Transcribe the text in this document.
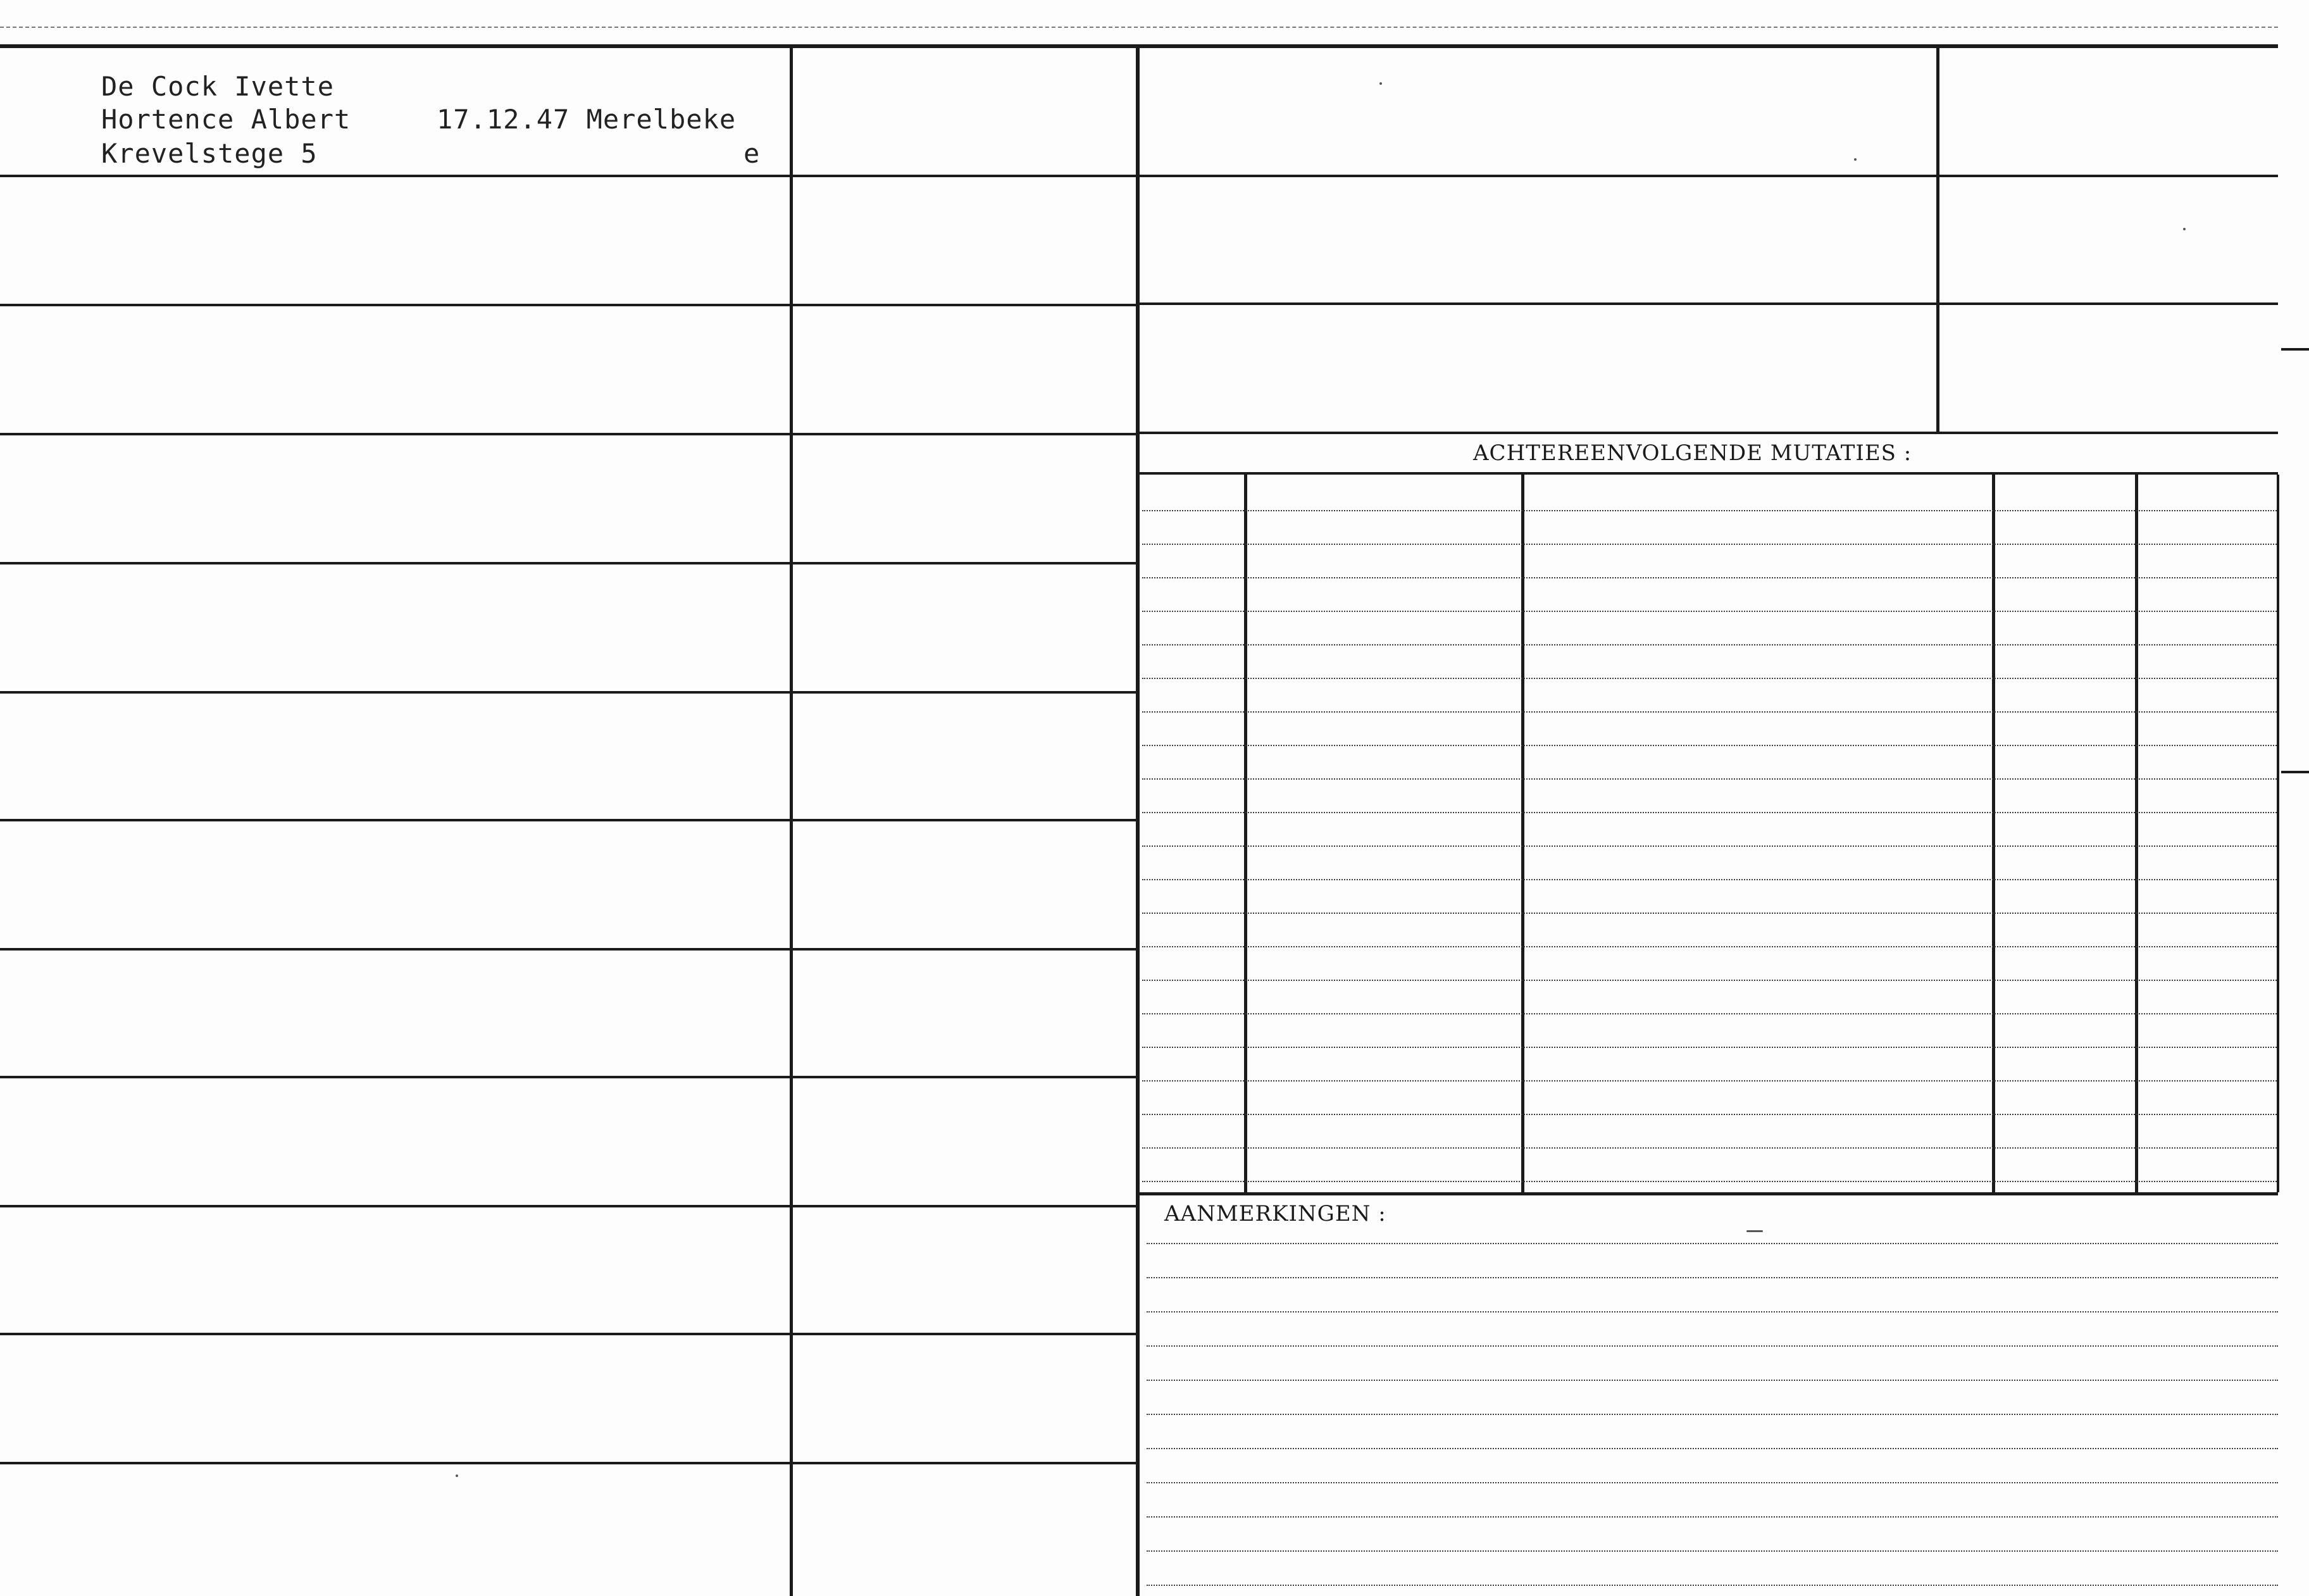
De Cock Ivette
Hortence Albert	17.12.47 Merelbeke
Krevelstege 5	e
ACHTEREENVOLGENDE MUTATIES :
AANMERKINGEN :
